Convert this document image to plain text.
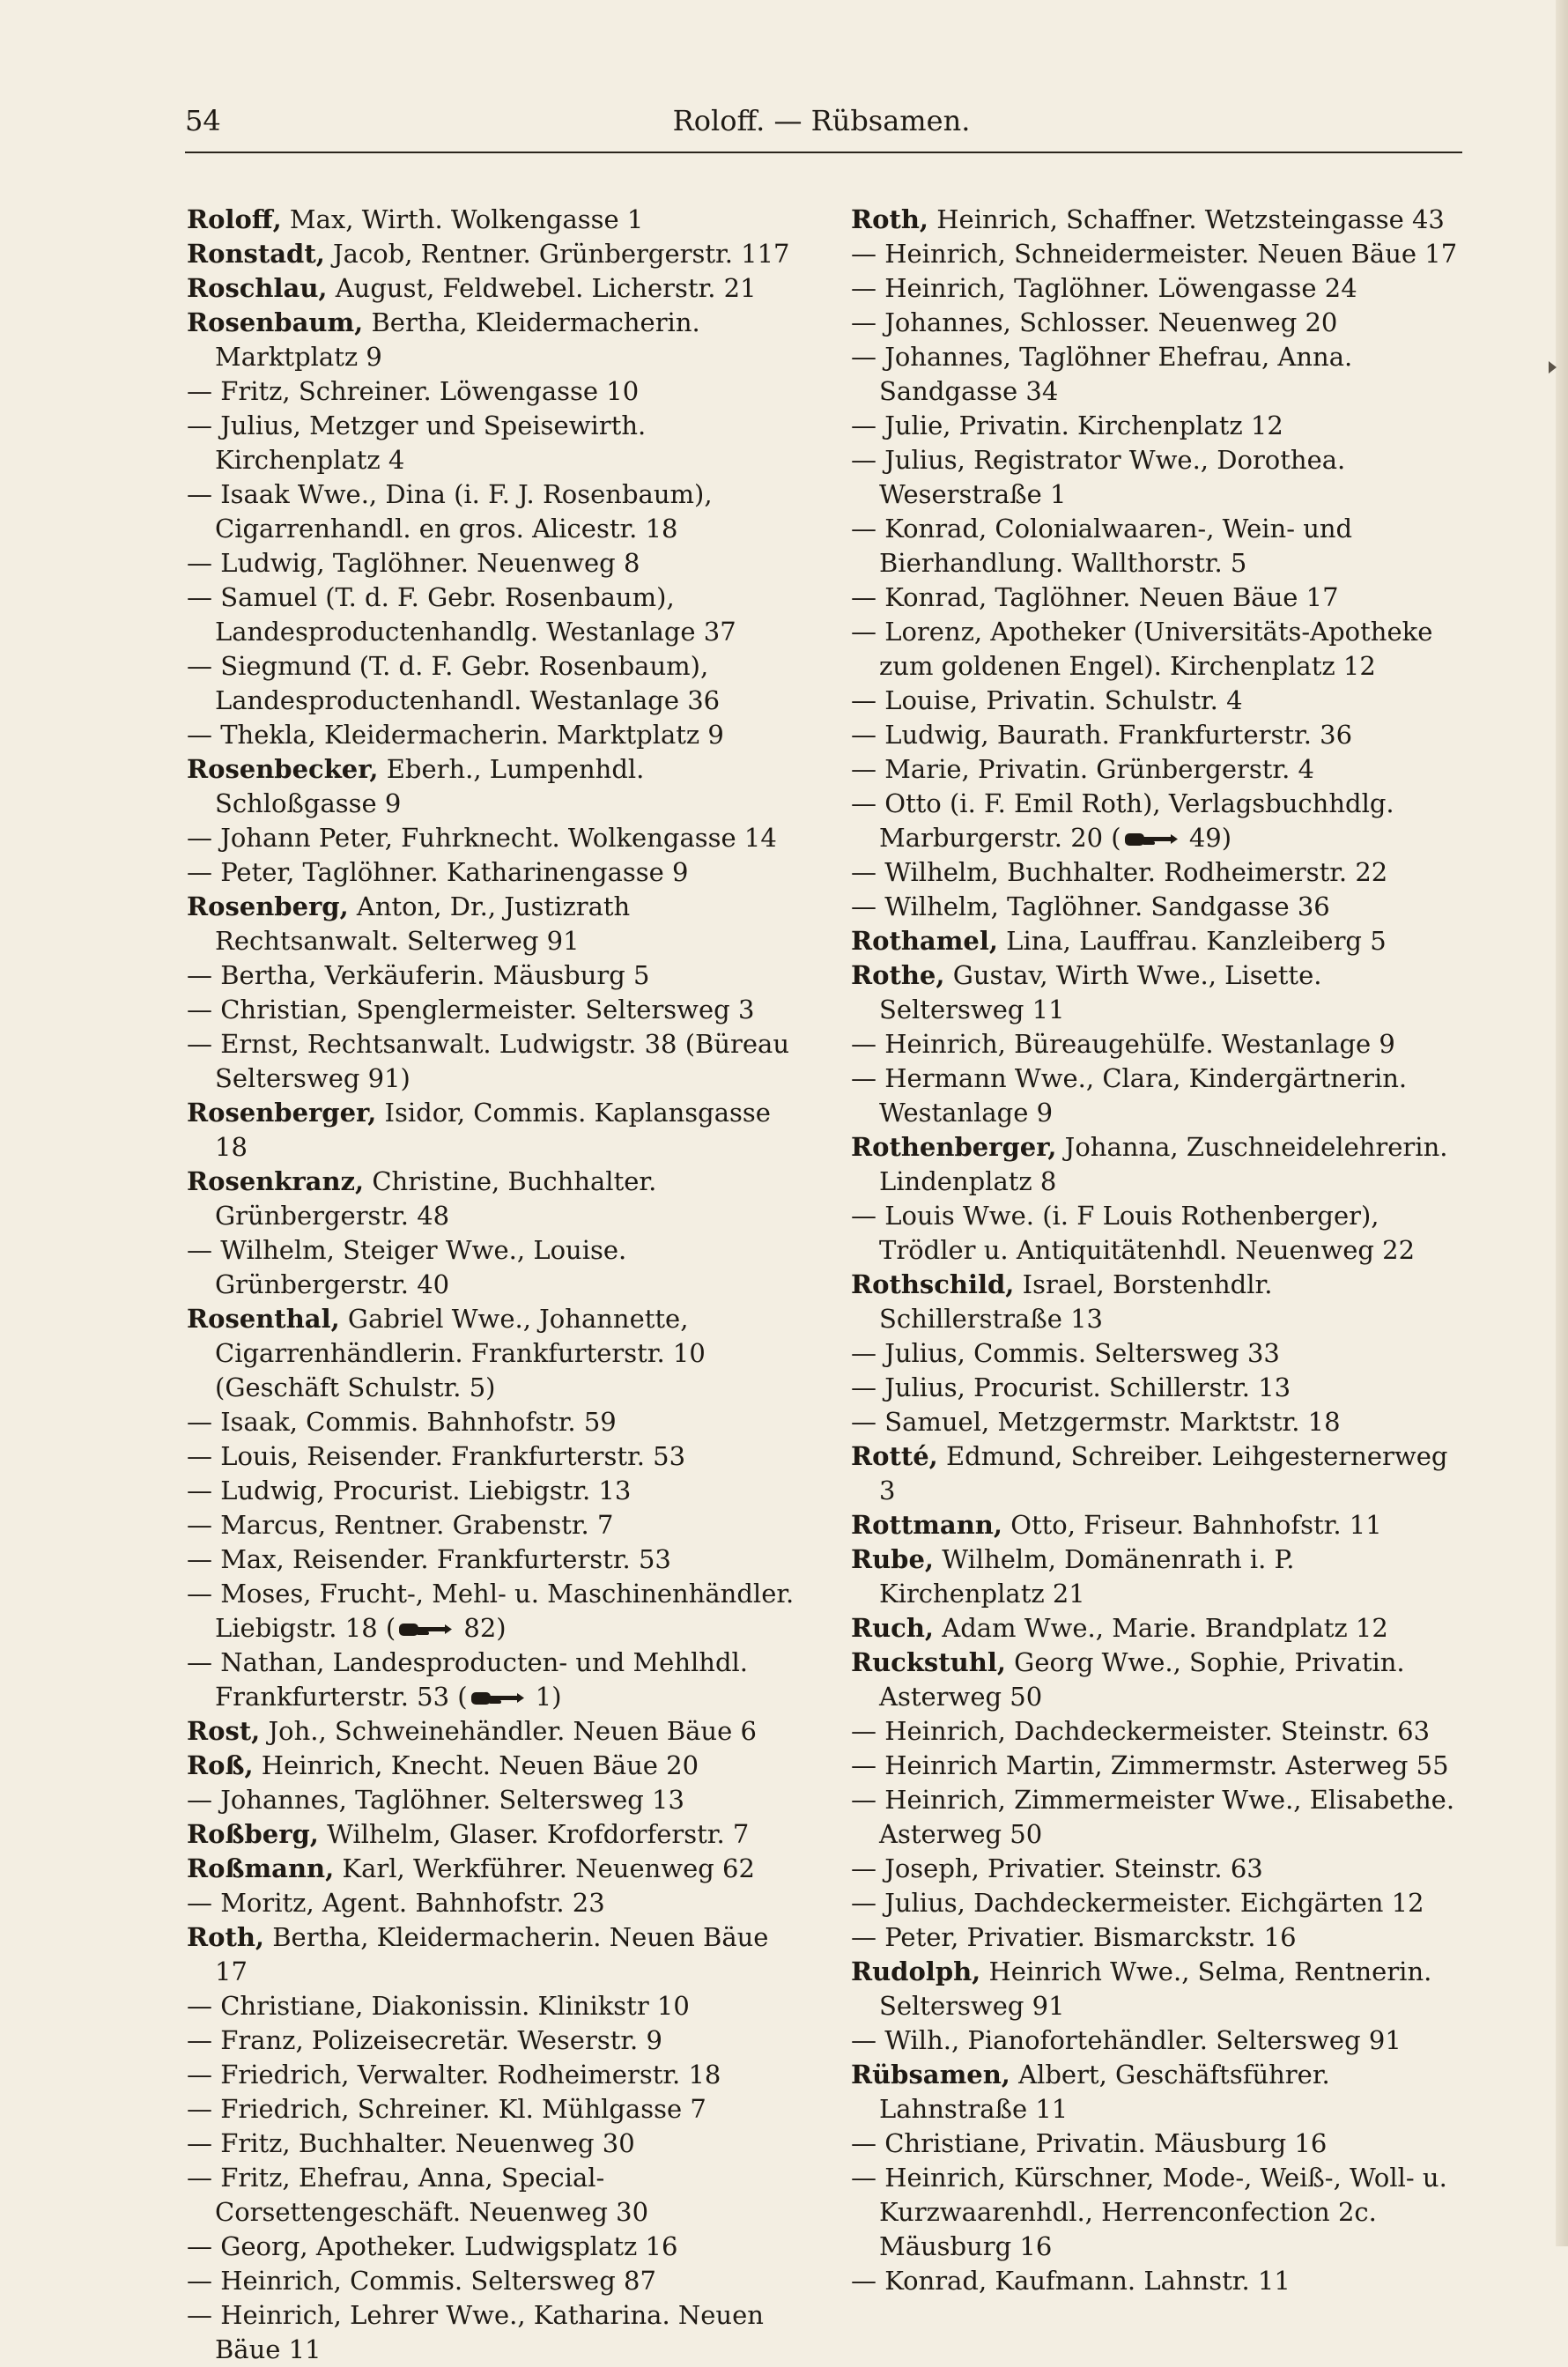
54	Roloff. — Rübsamen.

Roloff, Max, Wirth. Wolkengasse 1

Ronstadt, Jacob, Rentner. Grünbergerstr. 117

Roschlau, August, Feldwebel. Licherstr. 21

Rosenbaum, Bertha, Kleidermacherin. Marktplatz 9

— Fritz, Schreiner. Löwengasse 10

— Julius, Metzger und Speisewirth. Kirchenplatz 4

— Isaak Wwe., Dina (i. F. J. Rosenbaum), Cigarrenhandl. en gros. Alicestr. 18

— Ludwig, Taglöhner. Neuenweg 8

— Samuel (T. d. F. Gebr. Rosenbaum), Landesproductenhandlg. Westanlage 37

— Siegmund (T. d. F. Gebr. Rosenbaum), Landesproductenhandl. Westanlage 36

— Thekla, Kleidermacherin. Marktplatz 9

Rosenbecker, Eberh., Lumpenhdl. Schloßgasse 9

— Johann Peter, Fuhrknecht. Wolkengasse 14

— Peter, Taglöhner. Katharinengasse 9

Rosenberg, Anton, Dr., Justizrath Rechtsanwalt. Selterweg 91

— Bertha, Verkäuferin. Mäusburg 5

— Christian, Spenglermeister. Seltersweg 3

— Ernst, Rechtsanwalt. Ludwigstr. 38 (Büreau Seltersweg 91)

Rosenberger, Isidor, Commis. Kaplansgasse 18

Rosenkranz, Christine, Buchhalter. Grünbergerstr. 48

— Wilhelm, Steiger Wwe., Louise. Grünbergerstr. 40

Rosenthal, Gabriel Wwe., Johannette, Cigarrenhändlerin. Frankfurterstr. 10 (Geschäft Schulstr. 5)

— Isaak, Commis. Bahnhofstr. 59

— Louis, Reisender. Frankfurterstr. 53

— Ludwig, Procurist. Liebigstr. 13

— Marcus, Rentner. Grabenstr. 7

— Max, Reisender. Frankfurterstr. 53

— Moses, Frucht-, Mehl- u. Maschinenhändler. Liebigstr. 18 (
82)

— Nathan, Landesproducten- und Mehlhdl. Frankfurterstr. 53 (
1)

Rost, Joh., Schweinehändler. Neuen Bäue 6

Roß, Heinrich, Knecht. Neuen Bäue 20

— Johannes, Taglöhner. Seltersweg 13

Roßberg, Wilhelm, Glaser. Krofdorferstr. 7

Roßmann, Karl, Werkführer. Neuenweg 62

— Moritz, Agent. Bahnhofstr. 23

Roth, Bertha, Kleidermacherin. Neuen Bäue 17

— Christiane, Diakonissin. Klinikstr 10

— Franz, Polizeisecretär. Weserstr. 9

— Friedrich, Verwalter. Rodheimerstr. 18

— Friedrich, Schreiner. Kl. Mühlgasse 7

— Fritz, Buchhalter. Neuenweg 30

— Fritz, Ehefrau, Anna, Special-Corsettengeschäft. Neuenweg 30

— Georg, Apotheker. Ludwigsplatz 16

— Heinrich, Commis. Seltersweg 87

— Heinrich, Lehrer Wwe., Katharina. Neuen Bäue 11

Roth, Heinrich, Schaffner. Wetzsteingasse 43

— Heinrich, Schneidermeister. Neuen Bäue 17

— Heinrich, Taglöhner. Löwengasse 24

— Johannes, Schlosser. Neuenweg 20

— Johannes, Taglöhner Ehefrau, Anna. Sandgasse 34

— Julie, Privatin. Kirchenplatz 12

— Julius, Registrator Wwe., Dorothea. Weserstraße 1

— Konrad, Colonialwaaren-, Wein- und Bierhandlung. Wallthorstr. 5

— Konrad, Taglöhner. Neuen Bäue 17

— Lorenz, Apotheker (Universitäts-Apotheke zum goldenen Engel). Kirchenplatz 12

— Louise, Privatin. Schulstr. 4

— Ludwig, Baurath. Frankfurterstr. 36

— Marie, Privatin. Grünbergerstr. 4

— Otto (i. F. Emil Roth), Verlagsbuchhdlg. Marburgerstr. 20 (
49)

— Wilhelm, Buchhalter. Rodheimerstr. 22

— Wilhelm, Taglöhner. Sandgasse 36

Rothamel, Lina, Lauffrau. Kanzleiberg 5

Rothe, Gustav, Wirth Wwe., Lisette. Seltersweg 11

— Heinrich, Büreaugehülfe. Westanlage 9

— Hermann Wwe., Clara, Kindergärtnerin. Westanlage 9

Rothenberger, Johanna, Zuschneidelehrerin. Lindenplatz 8

— Louis Wwe. (i. F Louis Rothenberger), Trödler u. Antiquitätenhdl. Neuenweg 22

Rothschild, Israel, Borstenhdlr. Schillerstraße 13

— Julius, Commis. Seltersweg 33

— Julius, Procurist. Schillerstr. 13

— Samuel, Metzgermstr. Marktstr. 18

Rotté, Edmund, Schreiber. Leihgesternerweg 3

Rottmann, Otto, Friseur. Bahnhofstr. 11

Rube, Wilhelm, Domänenrath i. P. Kirchenplatz 21

Ruch, Adam Wwe., Marie. Brandplatz 12

Ruckstuhl, Georg Wwe., Sophie, Privatin. Asterweg 50

— Heinrich, Dachdeckermeister. Steinstr. 63

— Heinrich Martin, Zimmermstr. Asterweg 55

— Heinrich, Zimmermeister Wwe., Elisabethe. Asterweg 50

— Joseph, Privatier. Steinstr. 63

— Julius, Dachdeckermeister. Eichgärten 12

— Peter, Privatier. Bismarckstr. 16

Rudolph, Heinrich Wwe., Selma, Rentnerin. Seltersweg 91

— Wilh., Pianofortehändler. Seltersweg 91

Rübsamen, Albert, Geschäftsführer. Lahnstraße 11

— Christiane, Privatin. Mäusburg 16

— Heinrich, Kürschner, Mode-, Weiß-, Woll- u. Kurzwaarenhdl., Herrenconfection 2c. Mäusburg 16

— Konrad, Kaufmann. Lahnstr. 11
